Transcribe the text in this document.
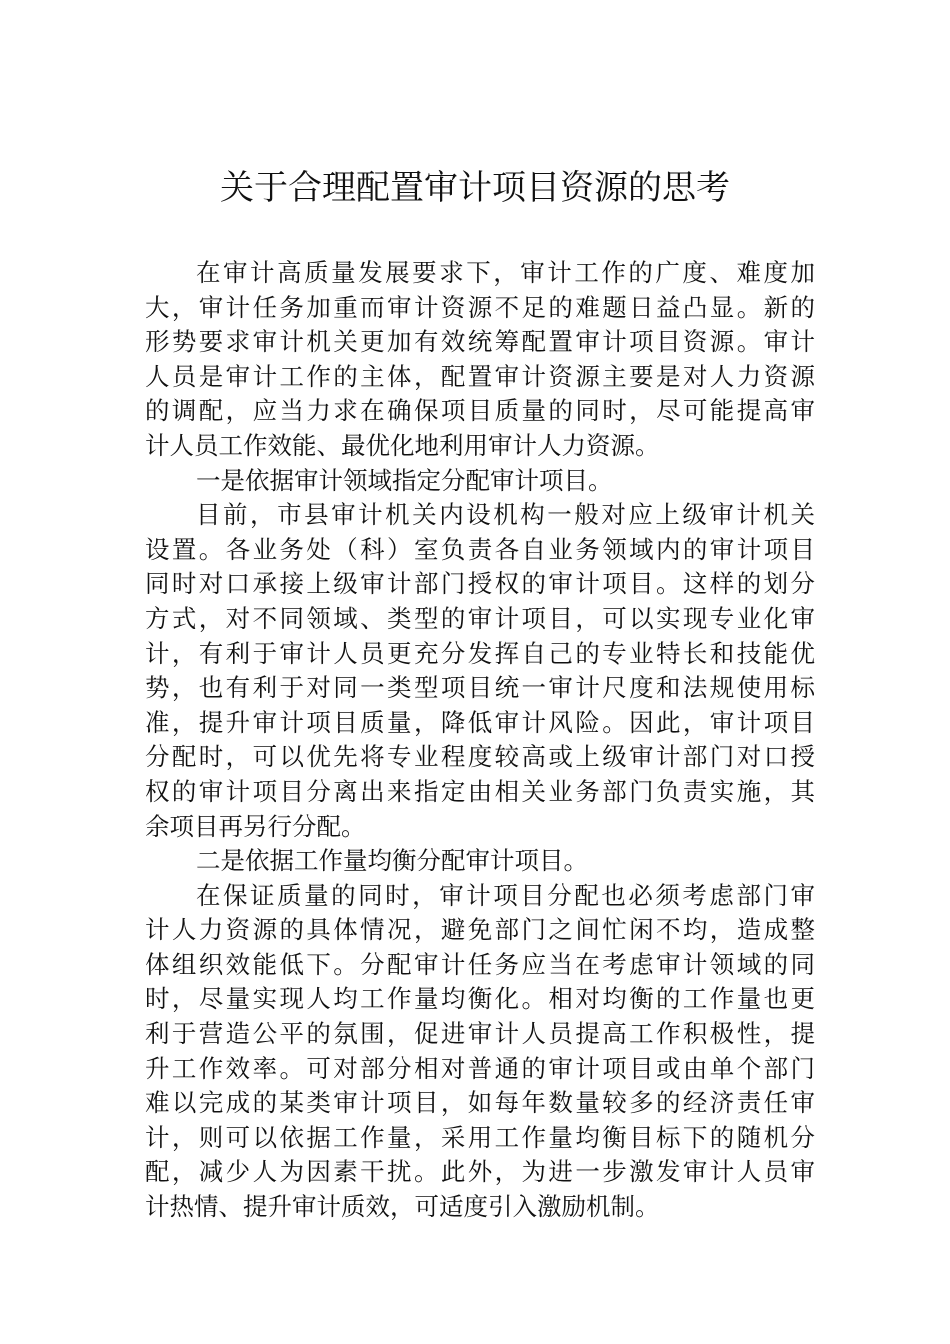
关于合理配置审计项目资源的思考
在审计高质量发展要求下，审计工作的广度、难度加
大，审计任务加重而审计资源不足的难题日益凸显。新的
形势要求审计机关更加有效统筹配置审计项目资源。审计
人员是审计工作的主体，配置审计资源主要是对人力资源
的调配，应当力求在确保项目质量的同时，尽可能提高审
计人员工作效能、最优化地利用审计人力资源。
一是依据审计领域指定分配审计项目。
目前，市县审计机关内设机构一般对应上级审计机关
设置。各业务处（科）室负责各自业务领域内的审计项目
同时对口承接上级审计部门授权的审计项目。这样的划分
方式，对不同领域、类型的审计项目，可以实现专业化审
计，有利于审计人员更充分发挥自己的专业特长和技能优
势，也有利于对同一类型项目统一审计尺度和法规使用标
准，提升审计项目质量，降低审计风险。因此，审计项目
分配时，可以优先将专业程度较高或上级审计部门对口授
权的审计项目分离出来指定由相关业务部门负责实施，其
余项目再另行分配。
二是依据工作量均衡分配审计项目。
在保证质量的同时，审计项目分配也必须考虑部门审
计人力资源的具体情况，避免部门之间忙闲不均，造成整
体组织效能低下。分配审计任务应当在考虑审计领域的同
时，尽量实现人均工作量均衡化。相对均衡的工作量也更
利于营造公平的氛围，促进审计人员提高工作积极性，提
升工作效率。可对部分相对普通的审计项目或由单个部门
难以完成的某类审计项目，如每年数量较多的经济责任审
计，则可以依据工作量，采用工作量均衡目标下的随机分
配，减少人为因素干扰。此外，为进一步激发审计人员审
计热情、提升审计质效，可适度引入激励机制。
